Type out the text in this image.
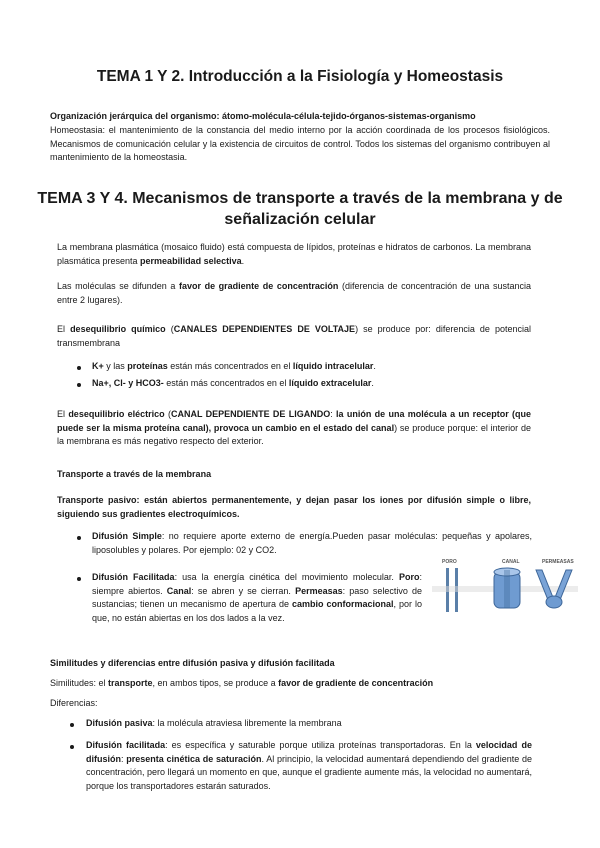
TEMA 1 Y 2. Introducción a la Fisiología y Homeostasis
Organización jerárquica del organismo: átomo-molécula-célula-tejido-órganos-sistemas-organismo
Homeostasia: el mantenimiento de la constancia del medio interno por la acción coordinada de los procesos fisiológicos. Mecanismos de comunicación celular y la existencia de circuitos de control. Todos los sistemas del organismo contribuyen al mantenimiento de la homeostasia.
TEMA 3 Y 4. Mecanismos de transporte a través de la membrana y de
señalización celular
La membrana plasmática (mosaico fluido) está compuesta de lípidos, proteínas e hidratos de carbonos. La membrana plasmática presenta permeabilidad selectiva.
Las moléculas se difunden a favor de gradiente de concentración (diferencia de concentración de una sustancia entre 2 lugares).
El desequilibrio químico (CANALES DEPENDIENTES DE VOLTAJE) se produce por: diferencia de potencial transmembrana
K+ y las proteínas están más concentrados en el líquido intracelular.
Na+, Cl- y HCO3- están más concentrados en el líquido extracelular.
El desequilibrio eléctrico (CANAL DEPENDIENTE DE LIGANDO: la unión de una molécula a un receptor (que puede ser la misma proteína canal), provoca un cambio en el estado del canal) se produce porque: el interior de la membrana es más negativo respecto del exterior.
Transporte a través de la membrana
Transporte pasivo: están abiertos permanentemente, y dejan pasar los iones por difusión simple o libre, siguiendo sus gradientes electroquímicos.
Difusión Simple: no requiere aporte externo de energía.Pueden pasar moléculas: pequeñas y apolares, liposolubles y polares. Por ejemplo: 02 y CO2.
Difusión Facilitada: usa la energía cinética del movimiento molecular. Poro: siempre abiertos. Canal: se abren y se cierran. Permeasas: paso selectivo de sustancias; tienen un mecanismo de apertura de cambio conformacional, por lo que, no están abiertas en los dos lados a la vez.
PORO	CANAL	PERMEASAS
Similitudes y diferencias entre difusión pasiva y difusión facilitada
Similitudes: el transporte, en ambos tipos, se produce a favor de gradiente de concentración
Diferencias:
Difusión pasiva: la molécula atraviesa libremente la membrana
Difusión facilitada: es específica y saturable porque utiliza proteínas transportadoras. En la velocidad de difusión: presenta cinética de saturación. Al principio, la velocidad aumentará dependiendo del gradiente de concentración, pero llegará un momento en que, aunque el gradiente aumente más, la velocidad no aumentará, porque los transportadores estarán saturados.
